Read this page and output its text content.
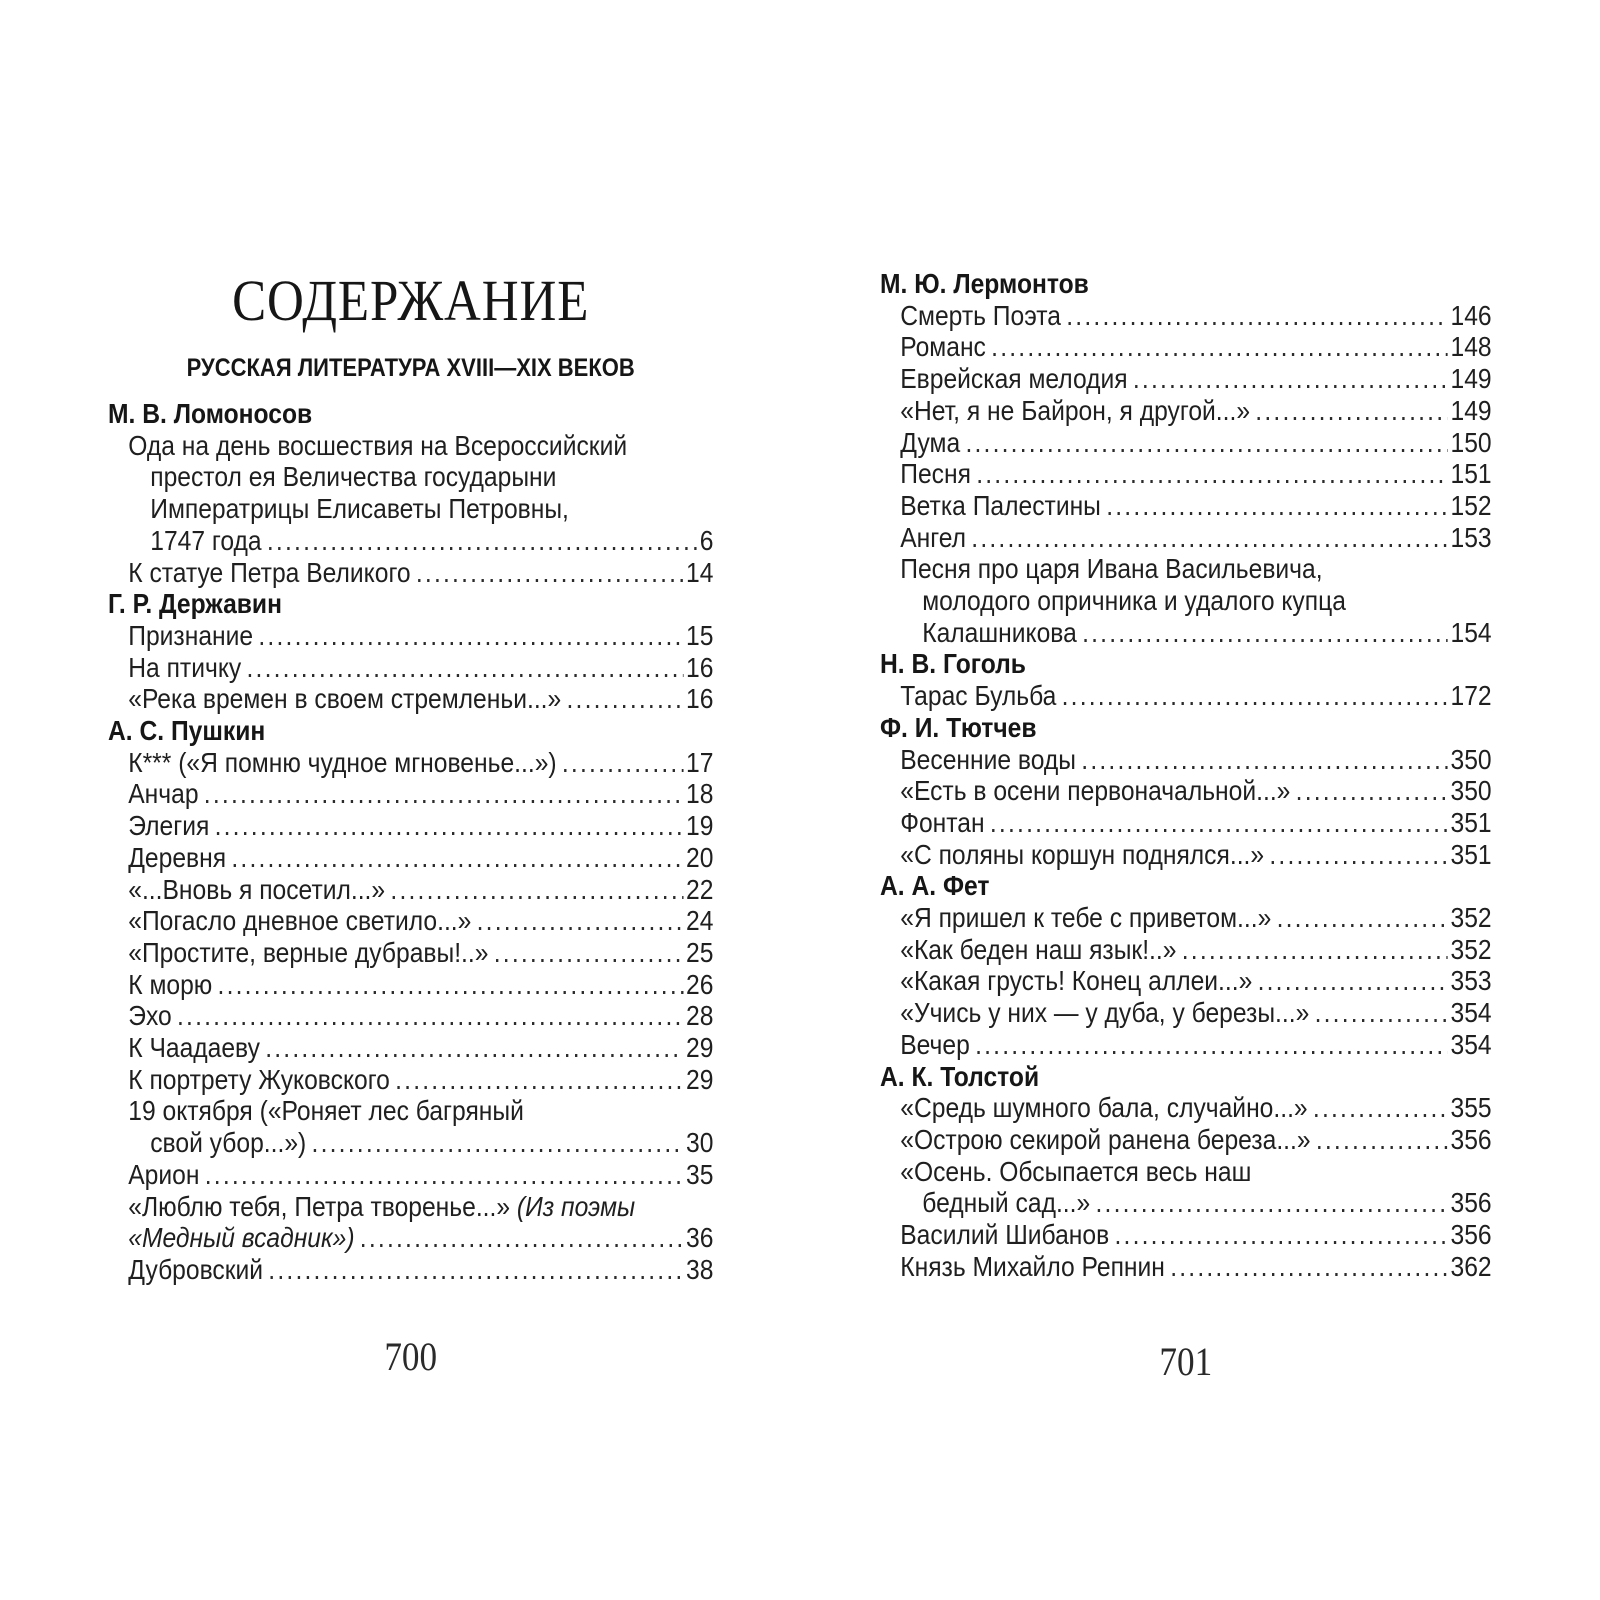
СОДЕРЖАНИЕ
РУССКАЯ ЛИТЕРАТУРА XVIII—XIX ВЕКОВ
М. В. Ломоносов
Ода на день восшествия на Всероссийский
престол ея Величества государыни
Императрицы Елисаветы Петровны,
1747 года .....	6
К статуе Петра Великого .....	14
Г. Р. Державин
Признание .....	15
На птичку .....	16
«Река времен в своем стремленьи...» .....	16
А. С. Пушкин
К*** («Я помню чудное мгновенье...») .....	17
Анчар .....	18
Элегия .....	19
Деревня .....	20
«...Вновь я посетил...» .....	22
«Погасло дневное светило...» .....	24
«Простите, верные дубравы!..» .....	25
К морю .....	26
Эхо .....	28
К Чаадаеву .....	29
К портрету Жуковского .....	29
19 октября («Роняет лес багряный
свой убор...») .....	30
Арион .....	35
«Люблю тебя, Петра творенье...» (Из поэмы
«Медный всадник») .....	36
Дубровский .....	38
700
М. Ю. Лермонтов
Смерть Поэта .....	146
Романс .....	148
Еврейская мелодия .....	149
«Нет, я не Байрон, я другой...» .....	149
Дума .....	150
Песня .....	151
Ветка Палестины .....	152
Ангел .....	153
Песня про царя Ивана Васильевича,
молодого опричника и удалого купца
Калашникова .....	154
Н. В. Гоголь
Тарас Бульба .....	172
Ф. И. Тютчев
Весенние воды .....	350
«Есть в осени первоначальной...» .....	350
Фонтан .....	351
«С поляны коршун поднялся...» .....	351
А. А. Фет
«Я пришел к тебе с приветом...» .....	352
«Как беден наш язык!..» .....	352
«Какая грусть! Конец аллеи...» .....	353
«Учись у них — у дуба, у березы...» .....	354
Вечер .....	354
А. К. Толстой
«Средь шумного бала, случайно...» .....	355
«Острою секирой ранена береза...» .....	356
«Осень. Обсыпается весь наш
бедный сад...» .....	356
Василий Шибанов .....	356
Князь Михайло Репнин .....	362
701
